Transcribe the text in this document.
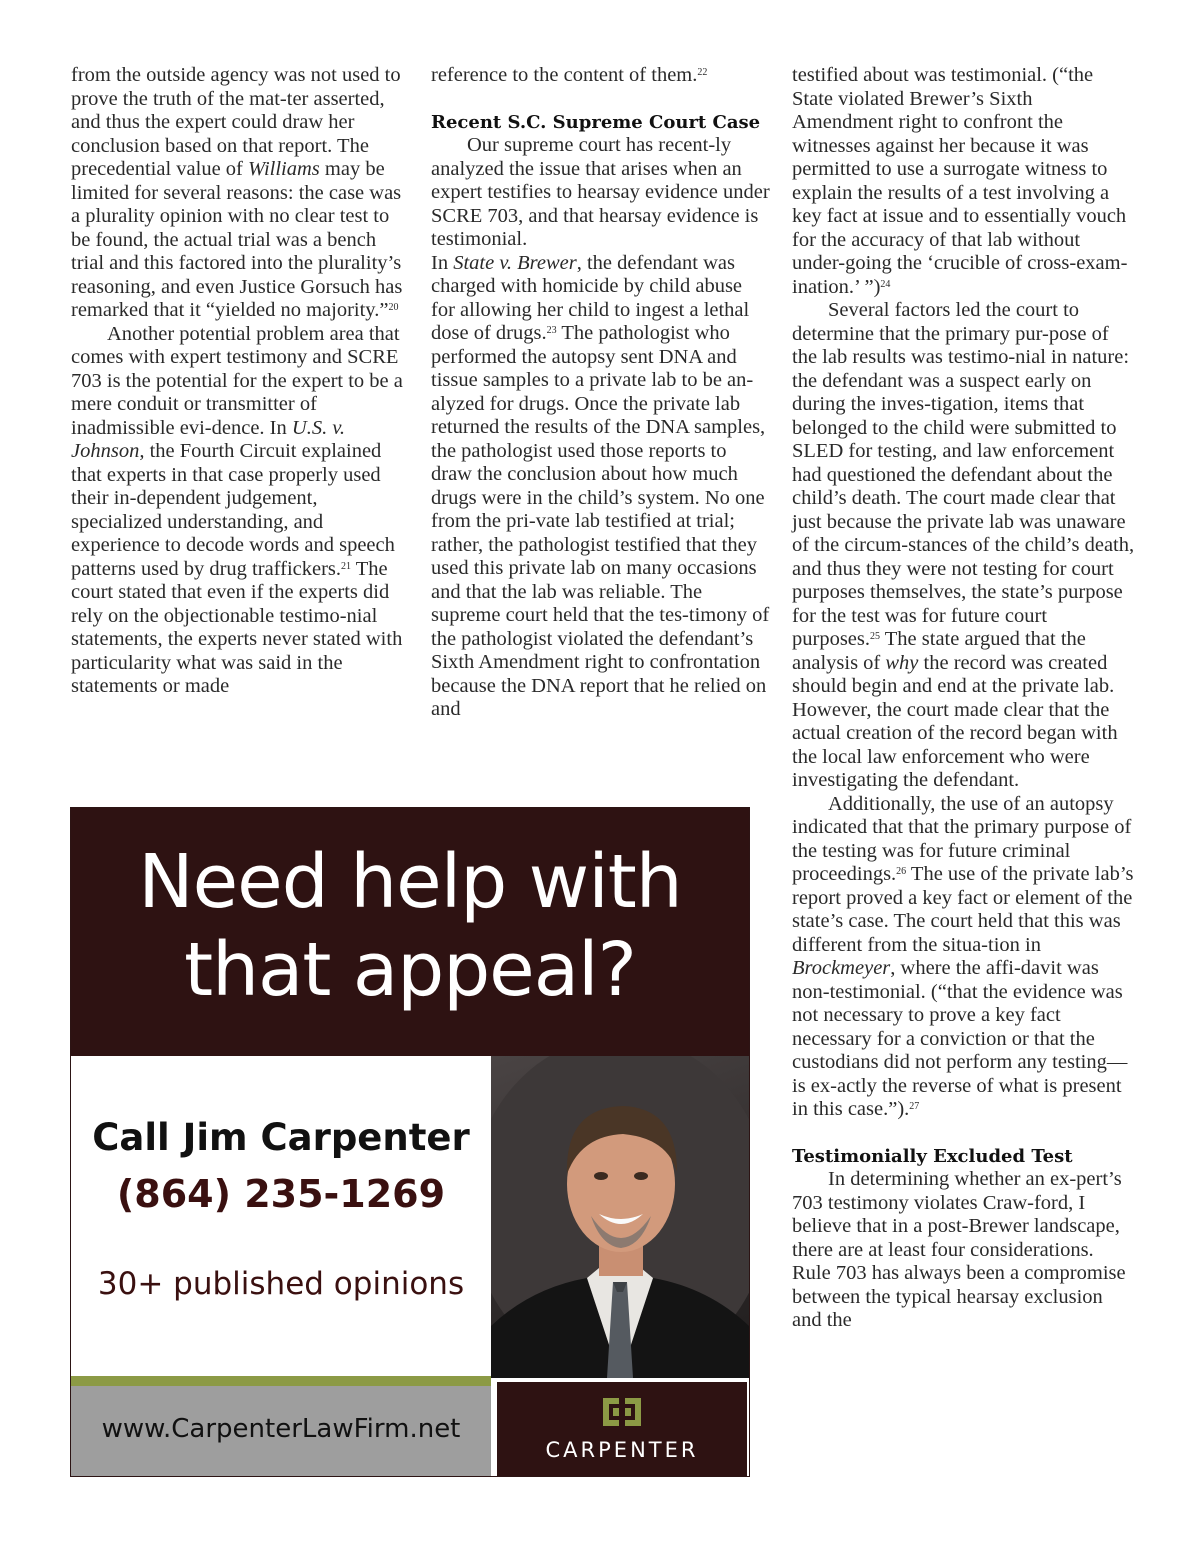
from the outside agency was not used to prove the truth of the mat-ter asserted, and thus the expert could draw her conclusion based on that report. The precedential value of Williams may be limited for several reasons: the case was a plurality opinion with no clear test to be found, the actual trial was a bench trial and this factored into the plurality’s reasoning, and even Justice Gorsuch has remarked that it “yielded no majority.”$^{20}$

Another potential problem area that comes with expert testimony and SCRE 703 is the potential for the expert to be a mere conduit or transmitter of inadmissible evi-dence. In U.S. v. Johnson, the Fourth Circuit explained that experts in that case properly used their in-dependent judgement, specialized understanding, and experience to decode words and speech patterns used by drug traffickers.$^{21}$ The court stated that even if the experts did rely on the objectionable testimo-nial statements, the experts never stated with particularity what was said in the statements or made

reference to the content of them.$^{22}$

Recent S.C. Supreme Court Case

Our supreme court has recent-ly analyzed the issue that arises when an expert testifies to hearsay evidence under SCRE 703, and that hearsay evidence is testimonial.

In State v. Brewer, the defendant was charged with homicide by child abuse for allowing her child to ingest a lethal dose of drugs.$^{23}$ The pathologist who performed the autopsy sent DNA and tissue samples to a private lab to be an-alyzed for drugs. Once the private lab returned the results of the DNA samples, the pathologist used those reports to draw the conclusion about how much drugs were in the child’s system. No one from the pri-vate lab testified at trial; rather, the pathologist testified that they used this private lab on many occasions and that the lab was reliable. The supreme court held that the tes-timony of the pathologist violated the defendant’s Sixth Amendment right to confrontation because the DNA report that he relied on and

testified about was testimonial. (“the State violated Brewer’s Sixth Amendment right to confront the witnesses against her because it was permitted to use a surrogate witness to explain the results of a test involving a key fact at issue and to essentially vouch for the accuracy of that lab without under-going the ‘crucible of cross-exam-ination.’ ”)$^{24}$

Several factors led the court to determine that the primary pur-pose of the lab results was testimo-nial in nature: the defendant was a suspect early on during the inves-tigation, items that belonged to the child were submitted to SLED for testing, and law enforcement had questioned the defendant about the child’s death. The court made clear that just because the private lab was unaware of the circum-stances of the child’s death, and thus they were not testing for court purposes themselves, the state’s purpose for the test was for future court purposes.$^{25}$ The state argued that the analysis of why the record was created should begin and end at the private lab. However, the court made clear that the actual creation of the record began with the local law enforcement who were investigating the defendant.

Additionally, the use of an autopsy indicated that that the primary purpose of the testing was for future criminal proceedings.$^{26}$ The use of the private lab’s report proved a key fact or element of the state’s case. The court held that this was different from the situa-tion in Brockmeyer, where the affi-davit was non-testimonial. (“that the evidence was not necessary to prove a key fact necessary for a conviction or that the custodians did not perform any testing—is ex-actly the reverse of what is present in this case.”).$^{27}$

Testimonially Excluded Test

In determining whether an ex-pert’s 703 testimony violates Craw-ford, I believe that in a post-Brewer landscape, there are at least four considerations. Rule 703 has always been a compromise between the typical hearsay exclusion and the

Need help with
that appeal?
Call Jim Carpenter
(864) 235-1269
30+ published opinions
www.CarpenterLawFirm.net
CARPENTER
